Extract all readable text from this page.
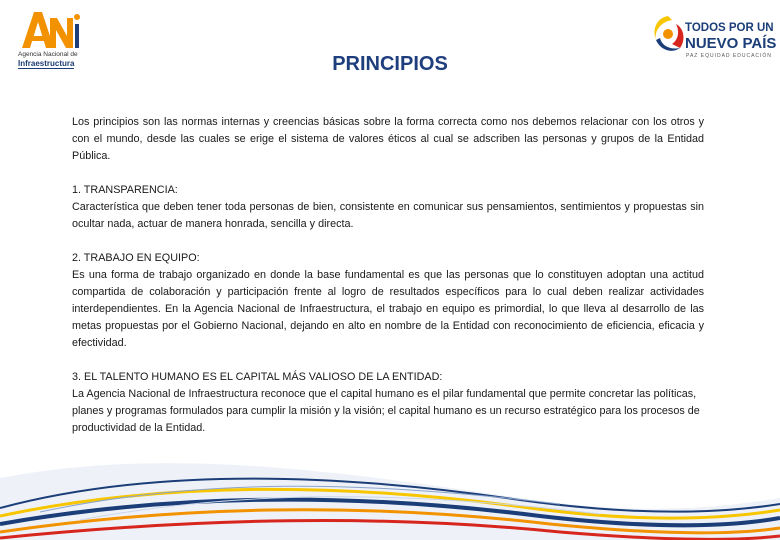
Agencia Nacional de
Infraestructura
TODOS POR UN
NUEVO PAÍS
PAZ EQUIDAD EDUCACIÓN
PRINCIPIOS

Los principios son las normas internas y creencias básicas sobre la forma correcta como nos debemos relacionar con los otros y con el mundo, desde las cuales se erige el sistema de valores éticos al cual se adscriben las personas y grupos de la Entidad Pública.

1. TRANSPARENCIA:

Característica que deben tener toda personas de bien, consistente en comunicar sus pensamientos, sentimientos y propuestas sin ocultar nada, actuar de manera honrada, sencilla y directa.

2. TRABAJO EN EQUIPO:

Es una forma de trabajo organizado en donde la base fundamental es que las personas que lo constituyen adoptan una actitud compartida de colaboración y participación frente al logro de resultados específicos para lo cual deben realizar actividades interdependientes. En la Agencia Nacional de Infraestructura, el trabajo en equipo es primordial, lo que lleva al desarrollo de las metas propuestas por el Gobierno Nacional, dejando en alto en nombre de la Entidad con reconocimiento de eficiencia, eficacia y efectividad.

3. EL TALENTO HUMANO ES EL CAPITAL MÁS VALIOSO DE LA ENTIDAD:

La Agencia Nacional de Infraestructura reconoce que el capital humano es el pilar fundamental que permite concretar las políticas, planes y programas formulados para cumplir la misión y la visión; el capital humano es un recurso estratégico para los procesos de productividad de la Entidad.
